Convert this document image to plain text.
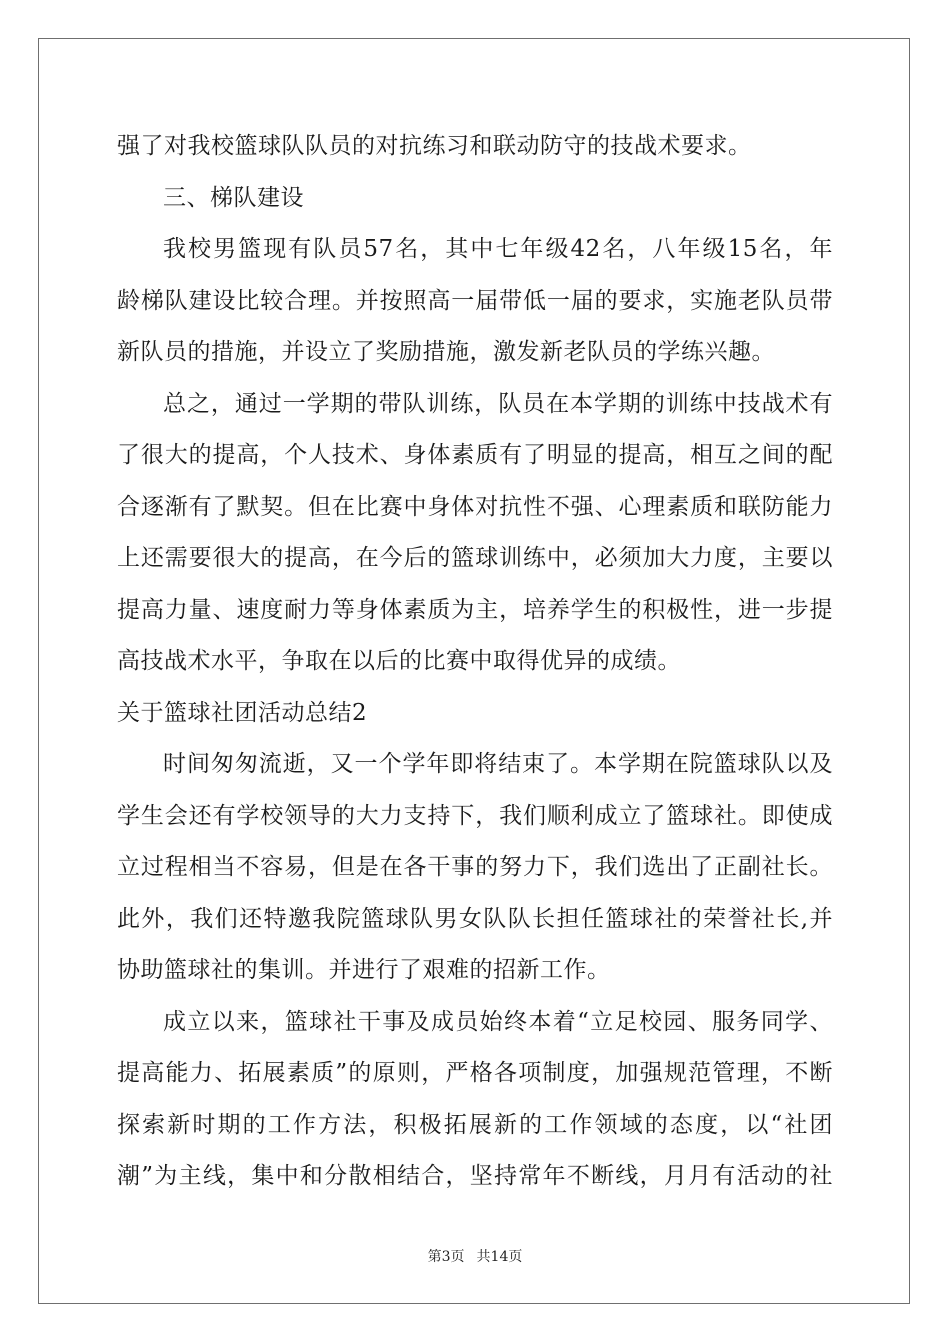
强了对我校篮球队队员的对抗练习和联动防守的技战术要求。
三、梯队建设
我校男篮现有队员57名，其中七年级42名，八年级15名，年
龄梯队建设比较合理。并按照高一届带低一届的要求，实施老队员带
新队员的措施，并设立了奖励措施，激发新老队员的学练兴趣。
总之，通过一学期的带队训练，队员在本学期的训练中技战术有
了很大的提高，个人技术、身体素质有了明显的提高，相互之间的配
合逐渐有了默契。但在比赛中身体对抗性不强、心理素质和联防能力
上还需要很大的提高，在今后的篮球训练中，必须加大力度，主要以
提高力量、速度耐力等身体素质为主，培养学生的积极性，进一步提
高技战术水平，争取在以后的比赛中取得优异的成绩。
关于篮球社团活动总结2
时间匆匆流逝，又一个学年即将结束了。本学期在院篮球队以及
学生会还有学校领导的大力支持下，我们顺利成立了篮球社。即使成
立过程相当不容易，但是在各干事的努力下，我们选出了正副社长。
此外，我们还特邀我院篮球队男女队队长担任篮球社的荣誉社长,并
协助篮球社的集训。并进行了艰难的招新工作。
成立以来，篮球社干事及成员始终本着“立足校园、服务同学、
提高能力、拓展素质”的原则，严格各项制度，加强规范管理，不断
探索新时期的工作方法，积极拓展新的工作领域的态度，以“社团
潮”为主线，集中和分散相结合，坚持常年不断线，月月有活动的社
第3页 共14页
